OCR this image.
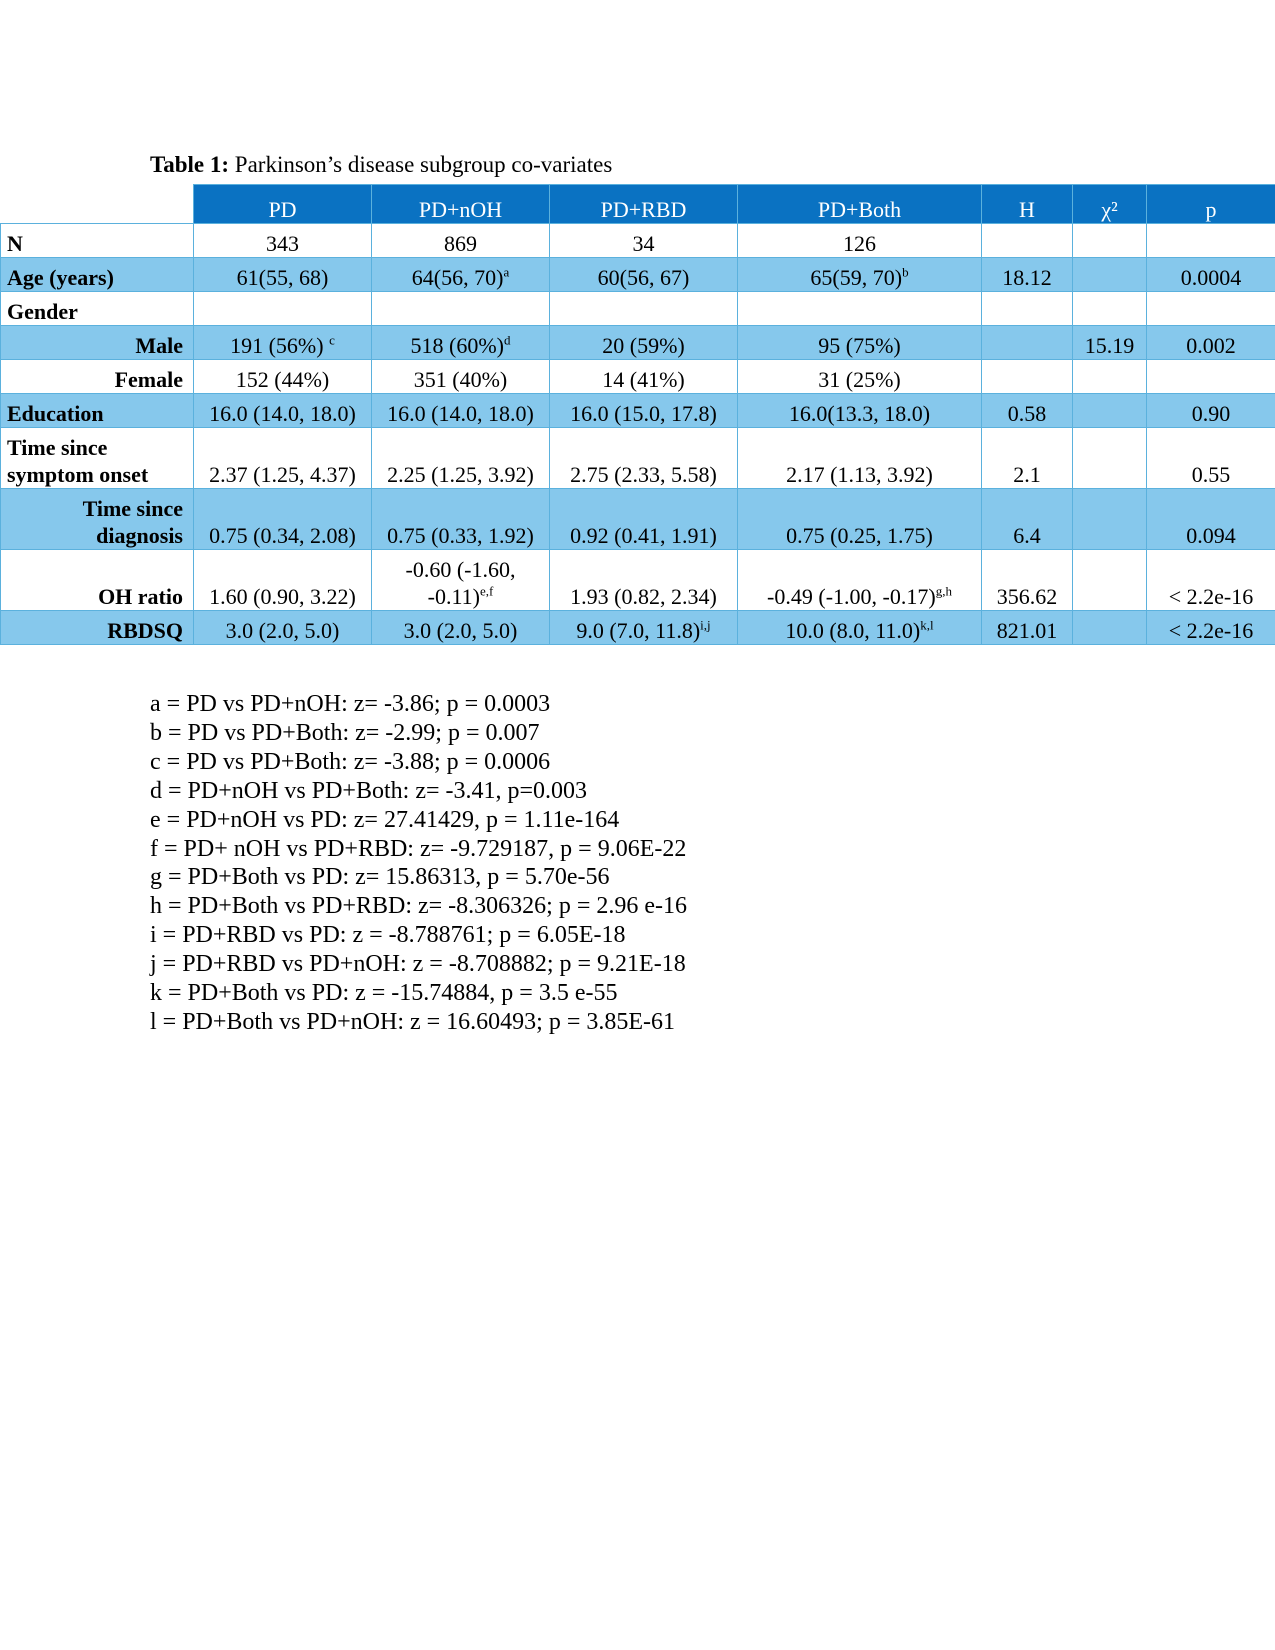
Table 1: Parkinson’s disease subgroup co-variates
	PD	PD+nOH	PD+RBD	PD+Both	H	χ²	p
N	343	869	34	126			
Age (years)	61(55, 68)	64(56, 70)$^a$	60(56, 67)	65(59, 70)$^b$	18.12		0.0004
Gender							
Male	191 (56%) $^c$	518 $(60\%)^d$	20 (59%)	95 (75%)		15.19	0.002
Female	152 (44%)	351 (40%)	14 (41%)	31 (25%)			
Education	16.0 (14.0, 18.0)	16.0 (14.0, 18.0)	16.0 (15.0, 17.8)	16.0(13.3, 18.0)	0.58		0.90
Time since symptom onset	2.37 (1.25, 4.37)	2.25 (1.25, 3.92)	2.75 (2.33, 5.58)	2.17 (1.13, 3.92)	2.1		0.55
Time since diagnosis	0.75 (0.34, 2.08)	0.75 (0.33, 1.92)	0.92 (0.41, 1.91)	0.75 (0.25, 1.75)	6.4		0.094
OH ratio	1.60 (0.90, 3.22)	-0.60 (-1.60, -0.11)$^{e,f}$	1.93 (0.82, 2.34)	-0.49 (-1.00, -0.17)$^{g,h}$	356.62		< 2.2e-16
RBDSQ	3.0 (2.0, 5.0)	3.0 (2.0, 5.0)	9.0 (7.0, 11.8)$^{i,j}$	10.0 (8.0, 11.0)$^{k,l}$	821.01		< 2.2e-16
a = PD vs PD+nOH: z= -3.86; p = 0.0003
b = PD vs PD+Both: z= -2.99; p = 0.007
c = PD vs PD+Both: z= -3.88; p = 0.0006
d = PD+nOH vs PD+Both: z= -3.41, p=0.003
e = PD+nOH vs PD: z= 27.41429, p = 1.11e-164
f = PD+ nOH vs PD+RBD: z= -9.729187, p = 9.06E-22
g = PD+Both vs PD: z= 15.86313, p = 5.70e-56
h = PD+Both vs PD+RBD: z= -8.306326; p = 2.96 e-16
i = PD+RBD vs PD: z = -8.788761; p = 6.05E-18
j = PD+RBD vs PD+nOH: z = -8.708882; p = 9.21E-18
k = PD+Both vs PD: z = -15.74884, p = 3.5 e-55
l = PD+Both vs PD+nOH: z = 16.60493; p = 3.85E-61
